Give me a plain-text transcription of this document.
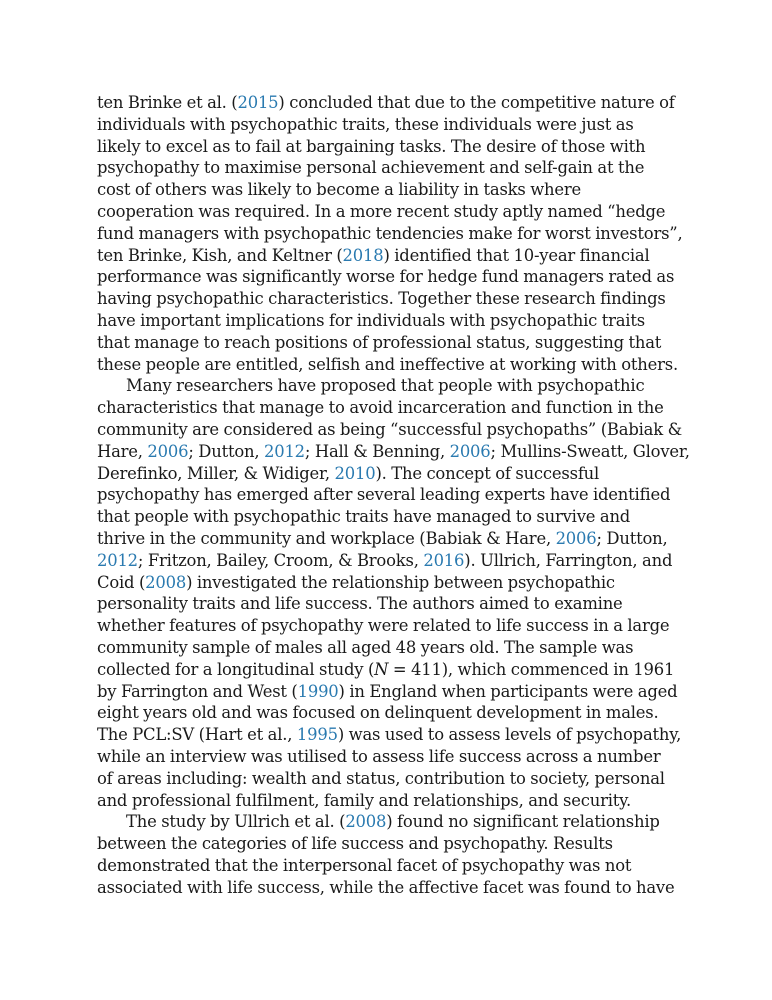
ten Brinke et al. (2015) concluded that due to the competitive nature of
individuals with psychopathic traits, these individuals were just as
likely to excel as to fail at bargaining tasks. The desire of those with
psychopathy to maximise personal achievement and self-gain at the
cost of others was likely to become a liability in tasks where
cooperation was required. In a more recent study aptly named “hedge
fund managers with psychopathic tendencies make for worst investors”,
ten Brinke, Kish, and Keltner (2018) identified that 10-year financial
performance was significantly worse for hedge fund managers rated as
having psychopathic characteristics. Together these research findings
have important implications for individuals with psychopathic traits
that manage to reach positions of professional status, suggesting that
these people are entitled, selfish and ineffective at working with others.

Many researchers have proposed that people with psychopathic
characteristics that manage to avoid incarceration and function in the
community are considered as being “successful psychopaths” (Babiak &
Hare, 2006; Dutton, 2012; Hall & Benning, 2006; Mullins-Sweatt, Glover,
Derefinko, Miller, & Widiger, 2010). The concept of successful
psychopathy has emerged after several leading experts have identified
that people with psychopathic traits have managed to survive and
thrive in the community and workplace (Babiak & Hare, 2006; Dutton,
2012; Fritzon, Bailey, Croom, & Brooks, 2016). Ullrich, Farrington, and
Coid (2008) investigated the relationship between psychopathic
personality traits and life success. The authors aimed to examine
whether features of psychopathy were related to life success in a large
community sample of males all aged 48 years old. The sample was
collected for a longitudinal study (N = 411), which commenced in 1961
by Farrington and West (1990) in England when participants were aged
eight years old and was focused on delinquent development in males.
The PCL:SV (Hart et al., 1995) was used to assess levels of psychopathy,
while an interview was utilised to assess life success across a number
of areas including: wealth and status, contribution to society, personal
and professional fulfilment, family and relationships, and security.

The study by Ullrich et al. (2008) found no significant relationship
between the categories of life success and psychopathy. Results
demonstrated that the interpersonal facet of psychopathy was not
associated with life success, while the affective facet was found to have
